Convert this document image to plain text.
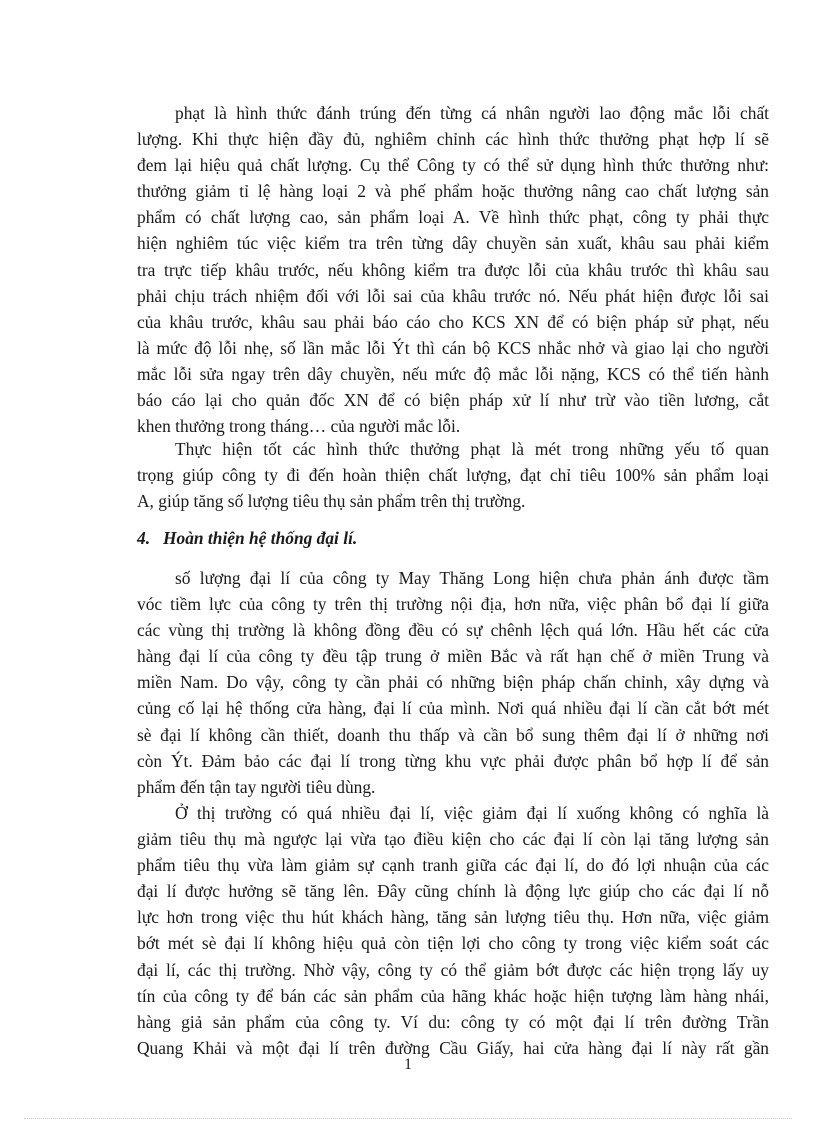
phạt là hình thức đánh trúng đến từng cá nhân người lao động mắc lỗi chất
lượng. Khi thực hiện đầy đủ, nghiêm chỉnh các hình thức thưởng phạt hợp lí sẽ
đem lại hiệu quả chất lượng. Cụ thể Công ty có thể sử dụng hình thức thưởng như:
thưởng giảm tỉ lệ hàng loại 2 và phế phẩm hoặc thưởng nâng cao chất lượng sản
phẩm có chất lượng cao, sản phẩm loại A. Về hình thức phạt, công ty phải thực
hiện nghiêm túc việc kiểm tra trên từng dây chuyền sản xuất, khâu sau phải kiểm
tra trực tiếp khâu trước, nếu không kiểm tra được lỗi của khâu trước thì khâu sau
phải chịu trách nhiệm đối với lỗi sai của khâu trước nó. Nếu phát hiện được lỗi sai
của khâu trước, khâu sau phải báo cáo cho KCS XN để có biện pháp sử phạt, nếu
là mức độ lỗi nhẹ, số lần mắc lỗi Ýt thì cán bộ KCS nhắc nhở và giao lại cho người
mắc lỗi sửa ngay trên dây chuyền, nếu mức độ mắc lỗi nặng, KCS có thể tiến hành
báo cáo lại cho quản đốc XN để có biện pháp xử lí như trừ vào tiền lương, cắt
khen thưởng trong tháng… của người mắc lỗi.
Thực hiện tốt các hình thức thưởng phạt là mét trong những yếu tố quan
trọng giúp công ty đi đến hoàn thiện chất lượng, đạt chỉ tiêu 100% sản phẩm loại
A, giúp tăng số lượng tiêu thụ sản phẩm trên thị trường.
4. Hoàn thiện hệ thống đại lí.
số lượng đại lí của công ty May Thăng Long hiện chưa phản ánh được tầm
vóc tiềm lực của công ty trên thị trường nội địa, hơn nữa, việc phân bổ đại lí giữa
các vùng thị trường là không đồng đều có sự chênh lệch quá lớn. Hầu hết các cửa
hàng đại lí của công ty đều tập trung ở miền Bắc và rất hạn chế ở miền Trung và
miền Nam. Do vậy, công ty cần phải có những biện pháp chấn chỉnh, xây dựng và
củng cố lại hệ thống cửa hàng, đại lí của mình. Nơi quá nhiều đại lí cần cắt bớt mét
sè đại lí không cần thiết, doanh thu thấp và cần bổ sung thêm đại lí ở những nơi
còn Ýt. Đảm bảo các đại lí trong từng khu vực phải được phân bổ hợp lí để sản
phẩm đến tận tay người tiêu dùng.
Ở thị trường có quá nhiều đại lí, việc giảm đại lí xuống không có nghĩa là
giảm tiêu thụ mà ngược lại vừa tạo điều kiện cho các đại lí còn lại tăng lượng sản
phẩm tiêu thụ vừa làm giảm sự cạnh tranh giữa các đại lí, do đó lợi nhuận của các
đại lí được hưởng sẽ tăng lên. Đây cũng chính là động lực giúp cho các đại lí nỗ
lực hơn trong việc thu hút khách hàng, tăng sản lượng tiêu thụ. Hơn nữa, việc giảm
bớt mét sè đại lí không hiệu quả còn tiện lợi cho công ty trong việc kiểm soát các
đại lí, các thị trường. Nhờ vậy, công ty có thể giảm bớt được các hiện trọng lấy uy
tín của công ty để bán các sản phẩm của hãng khác hoặc hiện tượng làm hàng nhái,
hàng giả sản phẩm của công ty. Ví du: công ty có một đại lí trên đường Trần
Quang Khải và một đại lí trên đường Cầu Giấy, hai cửa hàng đại lí này rất gần
1
